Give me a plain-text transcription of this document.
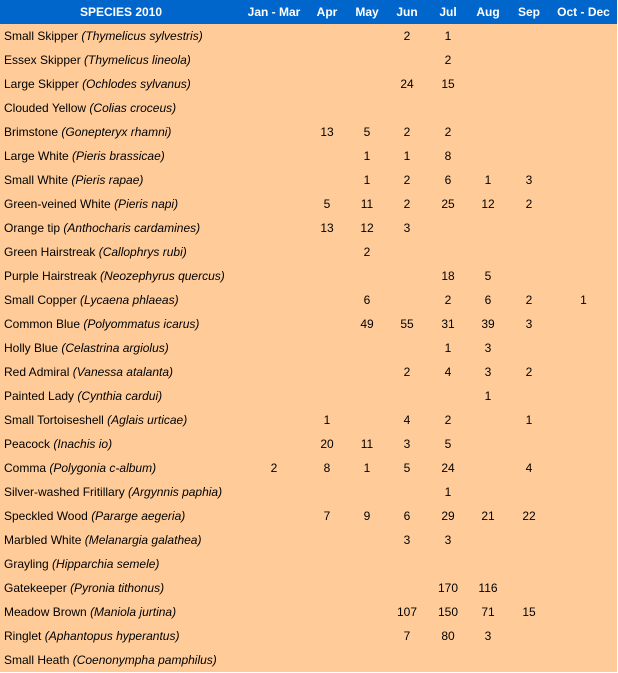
SPECIES 2010	Jan - Mar	Apr	May	Jun	Jul	Aug	Sep	Oct - Dec
Small Skipper (Thymelicus sylvestris)				2	1			
Essex Skipper (Thymelicus lineola)					2			
Large Skipper (Ochlodes sylvanus)				24	15			
Clouded Yellow (Colias croceus)								
Brimstone (Gonepteryx rhamni)		13	5	2	2			
Large White (Pieris brassicae)			1	1	8			
Small White (Pieris rapae)			1	2	6	1	3	
Green-veined White (Pieris napi)		5	11	2	25	12	2	
Orange tip (Anthocharis cardamines)		13	12	3				
Green Hairstreak (Callophrys rubi)			2					
Purple Hairstreak (Neozephyrus quercus)					18	5		
Small Copper (Lycaena phlaeas)			6		2	6	2	1
Common Blue (Polyommatus icarus)			49	55	31	39	3	
Holly Blue (Celastrina argiolus)					1	3		
Red Admiral (Vanessa atalanta)				2	4	3	2	
Painted Lady (Cynthia cardui)						1		
Small Tortoiseshell (Aglais urticae)		1		4	2		1	
Peacock (Inachis io)		20	11	3	5			
Comma (Polygonia c-album)	2	8	1	5	24		4	
Silver-washed Fritillary (Argynnis paphia)					1			
Speckled Wood (Pararge aegeria)		7	9	6	29	21	22	
Marbled White (Melanargia galathea)				3	3			
Grayling (Hipparchia semele)								
Gatekeeper (Pyronia tithonus)					170	116		
Meadow Brown (Maniola jurtina)				107	150	71	15	
Ringlet (Aphantopus hyperantus)				7	80	3		
Small Heath (Coenonympha pamphilus)								
